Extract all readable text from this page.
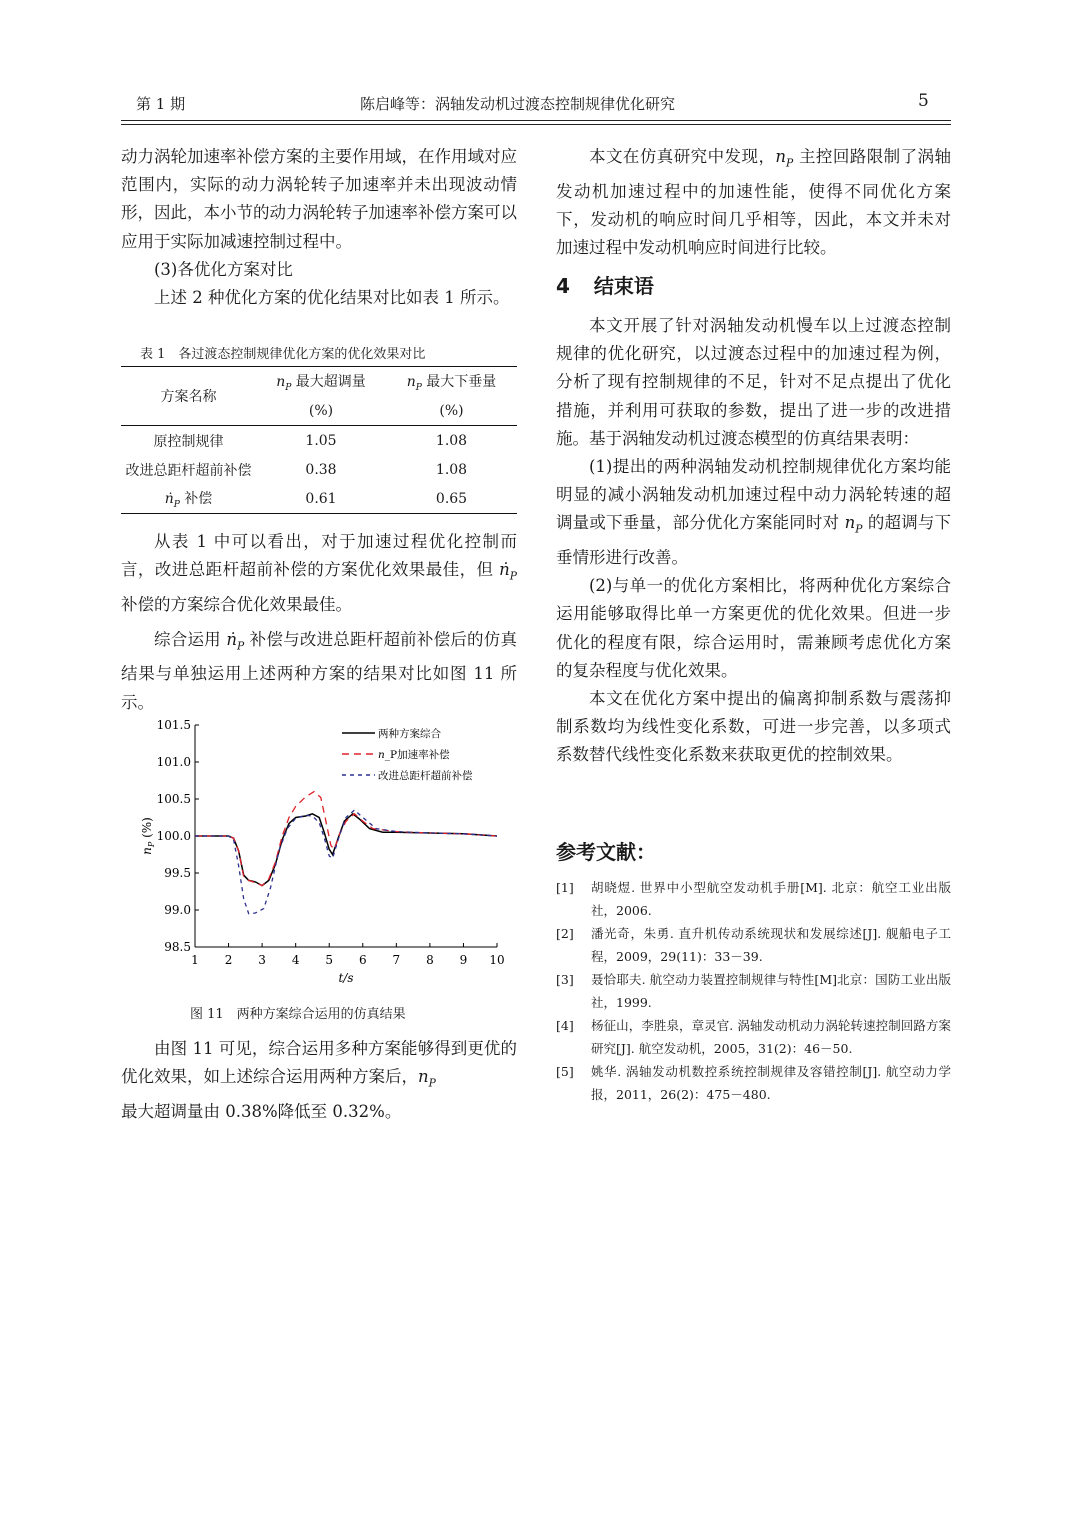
第 1 期	陈启峰等：涡轴发动机过渡态控制规律优化研究	5

动力涡轮加速率补偿方案的主要作用域，在作用域对应范围内，实际的动力涡轮转子加速率并未出现波动情形，因此，本小节的动力涡轮转子加速率补偿方案可以应用于实际加减速控制过程中。

(3)各优化方案对比

上述 2 种优化方案的优化结果对比如表 1 所示。

表 1　各过渡态控制规律优化方案的优化效果对比
方案名称	$n_P$ 最大超调量	$n_P$ 最大下垂量
	(%)	(%)
原控制规律	1.05	1.08
改进总距杆超前补偿	0.38	1.08
ṅ$_P$ 补偿	0.61	0.65

从表 1 中可以看出，对于加速过程优化控制而言，改进总距杆超前补偿的方案优化效果最佳，但 ṅ$_P$ 补偿的方案综合优化效果最佳。

综合运用 ṅ$_P$ 补偿与改进总距杆超前补偿后的仿真结果与单独运用上述两种方案的结果对比如图 11 所示。

98.5
99.0
99.5
100.0
100.5
101.0
101.5
1 2 3 4 5 6 7 8 9 10
t/s
$n_P$ (%)
两种方案综合
n_P加速率补偿
改进总距杆超前补偿
图 11　两种方案综合运用的仿真结果

由图 11 可见，综合运用多种方案能够得到更优的优化效果，如上述综合运用两种方案后，$n_P$
最大超调量由 0.38%降低至 0.32%。

本文在仿真研究中发现，$n_P$ 主控回路限制了涡轴发动机加速过程中的加速性能，使得不同优化方案下，发动机的响应时间几乎相等，因此，本文并未对加速过程中发动机响应时间进行比较。

4 结束语

本文开展了针对涡轴发动机慢车以上过渡态控制规律的优化研究，以过渡态过程中的加速过程为例，分析了现有控制规律的不足，针对不足点提出了优化措施，并利用可获取的参数，提出了进一步的改进措施。基于涡轴发动机过渡态模型的仿真结果表明：

(1)提出的两种涡轴发动机控制规律优化方案均能明显的减小涡轴发动机加速过程中动力涡轮转速的超调量或下垂量，部分优化方案能同时对 $n_P$ 的超调与下垂情形进行改善。

(2)与单一的优化方案相比，将两种优化方案综合运用能够取得比单一方案更优的优化效果。但进一步优化的程度有限，综合运用时，需兼顾考虑优化方案的复杂程度与优化效果。

本文在优化方案中提出的偏离抑制系数与震荡抑制系数均为线性变化系数，可进一步完善，以多项式系数替代线性变化系数来获取更优的控制效果。

参考文献：
[1]	胡晓煜. 世界中小型航空发动机手册[M]. 北京：航空工业出版社，2006.
[2]	潘光奇，朱勇. 直升机传动系统现状和发展综述[J]. 舰船电子工程，2009，29(11)：33－39.
[3]	聂恰耶夫. 航空动力装置控制规律与特性[M]北京：国防工业出版社，1999.
[4]	杨征山，李胜泉，章灵官. 涡轴发动机动力涡轮转速控制回路方案研究[J]. 航空发动机，2005，31(2)：46－50.
[5]	姚华. 涡轴发动机数控系统控制规律及容错控制[J]. 航空动力学报，2011，26(2)：475－480.
